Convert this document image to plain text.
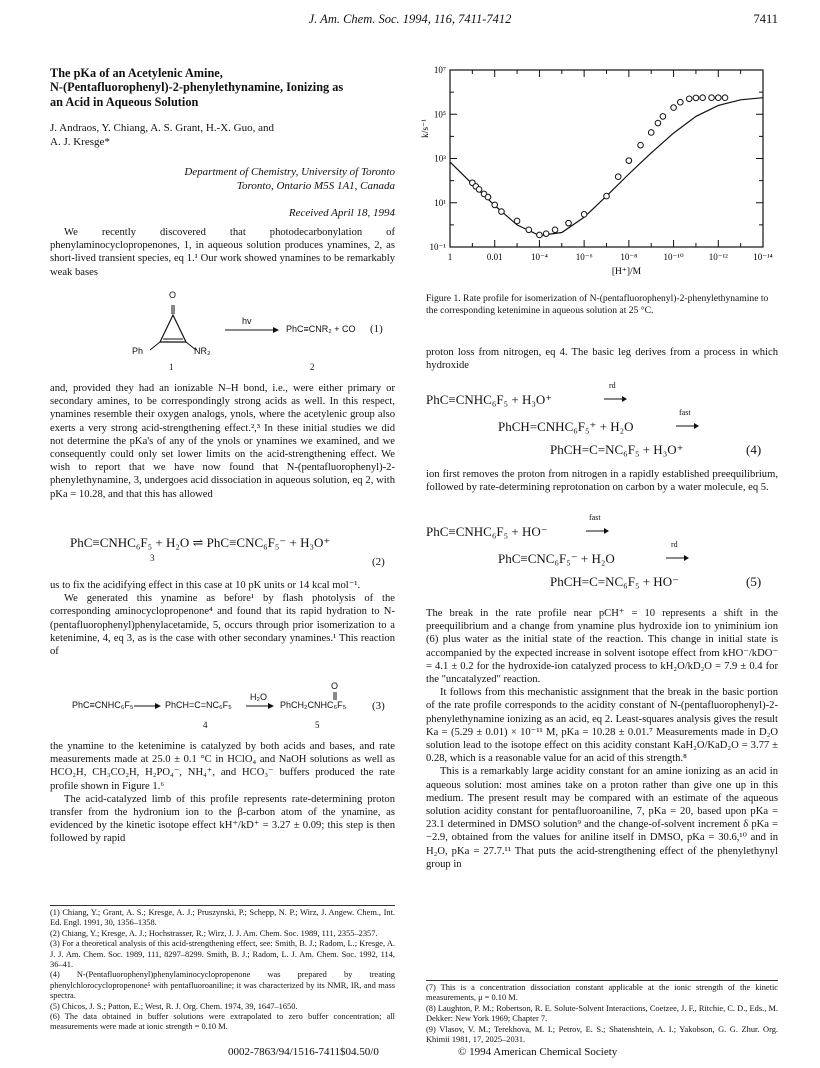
J. Am. Chem. Soc. 1994, 116, 7411-7412	7411
The pKa of an Acetylenic Amine,
N-(Pentafluorophenyl)-2-phenylethynamine, Ionizing as
an Acid in Aqueous Solution
J. Andraos, Y. Chiang, A. S. Grant, H.-X. Guo, and
A. J. Kresge*
Department of Chemistry, University of Toronto
Toronto, Ontario M5S 1A1, Canada
Received April 18, 1994

We recently discovered that photodecarbonylation of phenylaminocyclopropenones, 1, in aqueous solution produces ynamines, 2, as short-lived transient species, eq 1.¹ Our work showed ynamines to be remarkably weak bases

O
Ph	NR₂
hv
PhC≡CNR₂ + CO (1)
1	2

and, provided they had an ionizable N–H bond, i.e., were either primary or secondary amines, to be correspondingly strong acids as well. In this respect, ynamines resemble their oxygen analogs, ynols, where the acetylenic group also exerts a very strong acid-strengthening effect.²,³ In these initial studies we did not determine the pKa's of any of the ynols or ynamines we examined, and we consequently could only set lower limits on the acid-strengthening effect. We wish to report that we have now found that N-(pentafluorophenyl)-2-phenylethynamine, 3, undergoes acid dissociation in aqueous solution, eq 2, with pKa = 10.28, and that this has allowed

PhC≡CNHC₆F₅ + H₂O ⇌ PhC≡CNC₆F₅⁻ + H₃O⁺
3	(2)

us to fix the acidifying effect in this case at 10 pK units or 14 kcal mol⁻¹.

We generated this ynamine as before¹ by flash photolysis of the corresponding aminocyclopropenone⁴ and found that its rapid hydration to N-(pentafluorophenyl)phenylacetamide, 5, occurs through prior isomerization to a ketenimine, 4, eq 3, as is the case with other secondary ynamines.¹ This reaction of

PhC≡CNHC₆F₅	PhCH=C=NC₆F₅
H₂O
O
PhCH₂CNHC₆F₅ (3)
4	5

the ynamine to the ketenimine is catalyzed by both acids and bases, and rate measurements made at 25.0 ± 0.1 °C in HClO₄ and NaOH solutions as well as HCO₂H, CH₃CO₂H, H₂PO₄⁻, NH₄⁺, and HCO₃⁻ buffers produced the rate profile shown in Figure 1.⁶

The acid-catalyzed limb of this profile represents rate-determining proton transfer from the hydronium ion to the β-carbon atom of the ynamine, as evidenced by the kinetic isotope effect kH⁺/kD⁺ = 3.27 ± 0.09; this step is then followed by rapid

(1) Chiang, Y.; Grant, A. S.; Kresge, A. J.; Pruszynski, P.; Schepp, N. P.; Wirz, J. Angew. Chem., Int. Ed. Engl. 1991, 30, 1356–1358.

(2) Chiang, Y.; Kresge, A. J.; Hochstrasser, R.; Wirz, J. J. Am. Chem. Soc. 1989, 111, 2355–2357.

(3) For a theoretical analysis of this acid-strengthening effect, see: Smith, B. J.; Radom, L.; Kresge, A. J. J. Am. Chem. Soc. 1989, 111, 8297–8299. Smith, B. J.; Radom, L. J. Am. Chem. Soc. 1992, 114, 36–41.

(4) N-(Pentafluorophenyl)phenylaminocyclopropenone was prepared by treating phenylchlorocyclopropenone⁵ with pentafluoroaniline; it was characterized by its NMR, IR, and mass spectra.

(5) Chicos, J. S.; Patton, E.; West, R. J. Org. Chem. 1974, 39, 1647–1650.

(6) The data obtained in buffer solutions were extrapolated to zero buffer concentration; all measurements were made at ionic strength = 0.10 M.

1	0.01	10⁻⁴	10⁻⁶	10⁻⁸	10⁻¹⁰	10⁻¹²	10⁻¹⁴
10⁷
10⁵
10³
10¹
10⁻¹
[H⁺]/M
k/s⁻¹
Figure 1. Rate profile for isomerization of N-(pentafluorophenyl)-2-phenylethynamine to the corresponding ketenimine in aqueous solution at 25 °C.

proton loss from nitrogen, eq 4. The basic leg derives from a process in which hydroxide

PhC≡CNHC₆F₅ + H₃O⁺
rd
PhCH=CNHC₆F₅⁺ + H₂O
fast
PhCH=C=NC₆F₅ + H₃O⁺	(4)

ion first removes the proton from nitrogen in a rapidly established preequilibrium, followed by rate-determining reprotonation on carbon by a water molecule, eq 5.

PhC≡CNHC₆F₅ + HO⁻
fast
PhC≡CNC₆F₅⁻ + H₂O
rd
PhCH=C=NC₆F₅ + HO⁻	(5)

The break in the rate profile near pCH⁺ = 10 represents a shift in the preequilibrium and a change from ynamine plus hydroxide ion to yniminium ion (6) plus water as the initial state of the reaction. This change in initial state is accompanied by the expected increase in solvent isotope effect from kHO⁻/kDO⁻ = 4.1 ± 0.2 for the hydroxide-ion catalyzed process to kH₂O/kD₂O = 7.9 ± 0.4 for the "uncatalyzed" reaction.

It follows from this mechanistic assignment that the break in the basic portion of the rate profile corresponds to the acidity constant of N-(pentafluorophenyl)-2-phenylethynamine ionizing as an acid, eq 2. Least-squares analysis gives the result Ka = (5.29 ± 0.01) × 10⁻¹¹ M, pKa = 10.28 ± 0.01.⁷ Measurements made in D₂O solution lead to the isotope effect on this acidity constant KaH₂O/KaD₂O = 3.77 ± 0.28, which is a reasonable value for an acid of this strength.⁸

This is a remarkably large acidity constant for an amine ionizing as an acid in aqueous solution: most amines take on a proton rather than give one up in this medium. The present result may be compared with an estimate of the aqueous solution acidity constant for pentafluoroaniline, 7, pKa = 20, based upon pKa = 23.1 determined in DMSO solution⁹ and the change-of-solvent increment δ pKa = −2.9, obtained from the values for aniline itself in DMSO, pKa = 30.6,¹⁰ and in H₂O, pKa = 27.7.¹¹ That puts the acid-strengthening effect of the phenylethynyl group in

(7) This is a concentration dissociation constant applicable at the ionic strength of the kinetic measurements, μ = 0.10 M.

(8) Laughton, P. M.; Robertson, R. E. Solute-Solvent Interactions, Coetzee, J. F., Ritchie, C. D., Eds., M. Dekker: New York 1969; Chapter 7.

(9) Vlasov, V. M.; Terekhova, M. I.; Petrov, E. S.; Shatenshtein, A. I.; Yakobson, G. G. Zhur. Org. Khimii 1981, 17, 2025–2031.

0002-7863/94/1516-7411$04.50/0	© 1994 American Chemical Society
